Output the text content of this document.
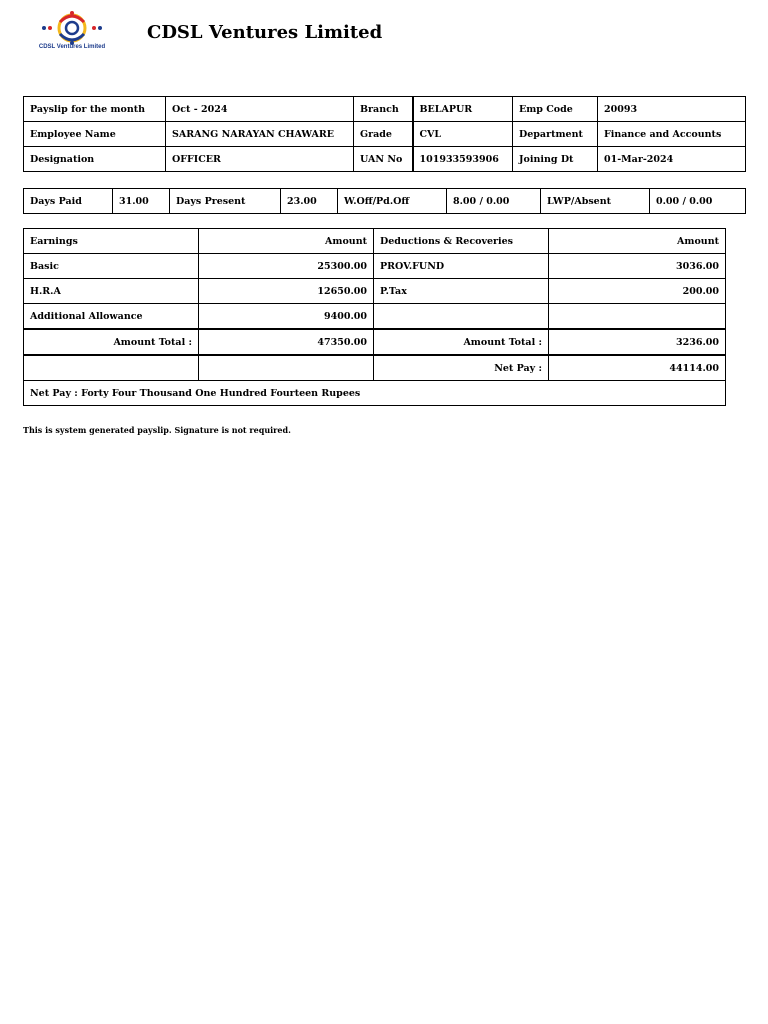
CDSL Ventures Limited
CDSL Ventures Limited
Payslip for the month	Oct - 2024	Branch	BELAPUR	Emp Code	20093
Employee Name	SARANG NARAYAN CHAWARE	Grade	CVL	Department	Finance and Accounts
Designation	OFFICER	UAN No	101933593906	Joining Dt	01-Mar-2024
Days Paid	31.00	Days Present	23.00	W.Off/Pd.Off	8.00 / 0.00	LWP/Absent	0.00 / 0.00
Earnings	Amount	Deductions & Recoveries	Amount
Basic	25300.00	PROV.FUND	3036.00
H.R.A	12650.00	P.Tax	200.00
Additional Allowance	9400.00		
Amount Total :	47350.00	Amount Total :	3236.00
		Net Pay :	44114.00
Net Pay : Forty Four Thousand One Hundred Fourteen Rupees			
This is system generated payslip. Signature is not required.
